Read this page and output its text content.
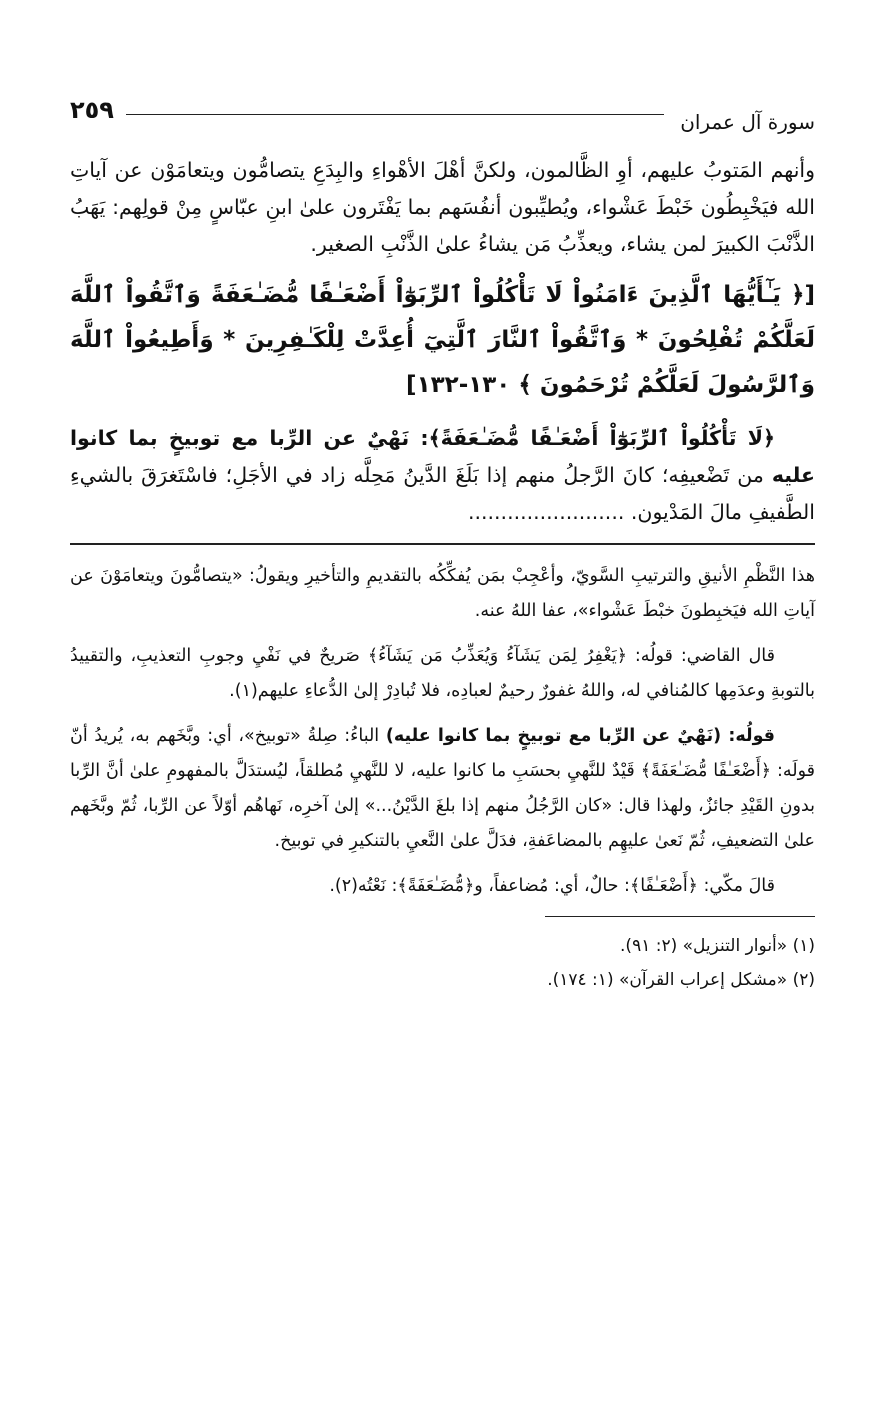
سورة آل عمران
٢٥٩

وأنهم المَتوبُ عليهم، أوِ الظَّالمون، ولكنَّ أهْلَ الأهْواءِ والبِدَعِ يتصامُّون ويتعامَوْن عن آياتِ الله فيَخْبِطُون خَبْطَ عَشْواء، ويُطيِّبون أنفُسَهم بما يَفْتَرون علىٰ ابنِ عبّاسٍ مِنْ قولِهم: يَهَبُ الذَّنْبَ الكبيرَ لمن يشاء، ويعذِّبُ مَن يشاءُ علىٰ الذَّنْبِ الصغير.

[﴿ يَـٰٓأَيُّهَا ٱلَّذِينَ ءَامَنُواْ لَا تَأْكُلُواْ ٱلرِّبَوٰٓاْ أَضْعَـٰفًا مُّضَـٰعَفَةً وَٱتَّقُواْ ٱللَّهَ لَعَلَّكُمْ تُفْلِحُونَ * وَٱتَّقُواْ ٱلنَّارَ ٱلَّتِيٓ أُعِدَّتْ لِلْكَـٰفِرِينَ * وَأَطِيعُواْ ٱللَّهَ وَٱلرَّسُولَ لَعَلَّكُمْ تُرْحَمُونَ ﴾ ١٣٠-١٣٢]

﴿لَا تَأْكُلُواْ ٱلرِّبَوٰٓاْ أَضْعَـٰفًا مُّضَـٰعَفَةً﴾: نَهْيٌ عن الرِّبا مع توبيخٍ بما كانوا عليه من تَضْعيفِه؛ كانَ الرَّجلُ منهم إذا بَلَغَ الدَّينُ مَحِلَّه زاد في الأجَلِ؛ فاسْتَغرَقَ بالشيءِ الطَّفيفِ مالَ المَدْيون. ........................

هذا النَّظْمِ الأنيقِ والترتيبِ السَّويّ، وأعْجِبْ بمَن يُفكِّكُه بالتقديمِ والتأخيرِ ويقولُ: «يتصامُّونَ ويتعامَوْنَ عن آياتِ الله فيَخبِطونَ خبْطَ عَشْواء»، عفا اللهُ عنه.

قال القاضي: قولُه: ﴿يَغْفِرُ لِمَن يَشَآءُ وَيُعَذِّبُ مَن يَشَآءُ﴾ صَريحٌ في نَفْيِ وجوبِ التعذيبِ، والتقييدُ بالتوبةِ وعدَمِها كالمُنافي له، واللهُ غفورٌ رحيمٌ لعبادِه، فلا تُبادِرْ إلىٰ الدُّعاءِ عليهم(١).

قولُه: (نَهْيٌ عن الرِّبا مع توبيخٍ بما كانوا عليه) الباءُ: صِلةُ «توبيخ»، أي: وبَّخَهم به، يُريدُ أنّ قولَه: ﴿أَضْعَـٰفًا مُّضَـٰعَفَةً﴾ قَيْدٌ للنَّهيِ بحسَبِ ما كانوا عليه، لا للنَّهيِ مُطلقاً، ليُستدَلَّ بالمفهومِ علىٰ أنَّ الرِّبا بدونِ القَيْدِ جائزٌ، ولهذا قال: «كان الرَّجُلُ منهم إذا بلغَ الدَّيْنُ...» إلىٰ آخرِه، نَهاهُم أوّلاً عن الرِّبا، ثُمّ وبَّخَهم علىٰ التضعيفِ، ثُمّ نَعىٰ عليهِم بالمضاعَفةِ، فدَلَّ علىٰ النَّعيِ بالتنكيرِ في توبيخ.

قالَ مكّي: ﴿أَضْعَـٰفًا﴾: حالٌ، أي: مُضاعفاً، و﴿مُّضَـٰعَفَةً﴾: نَعْتُه(٢).

(١) «أنوار التنزيل» (٢: ٩١).

(٢) «مشكل إعراب القرآن» (١: ١٧٤).
